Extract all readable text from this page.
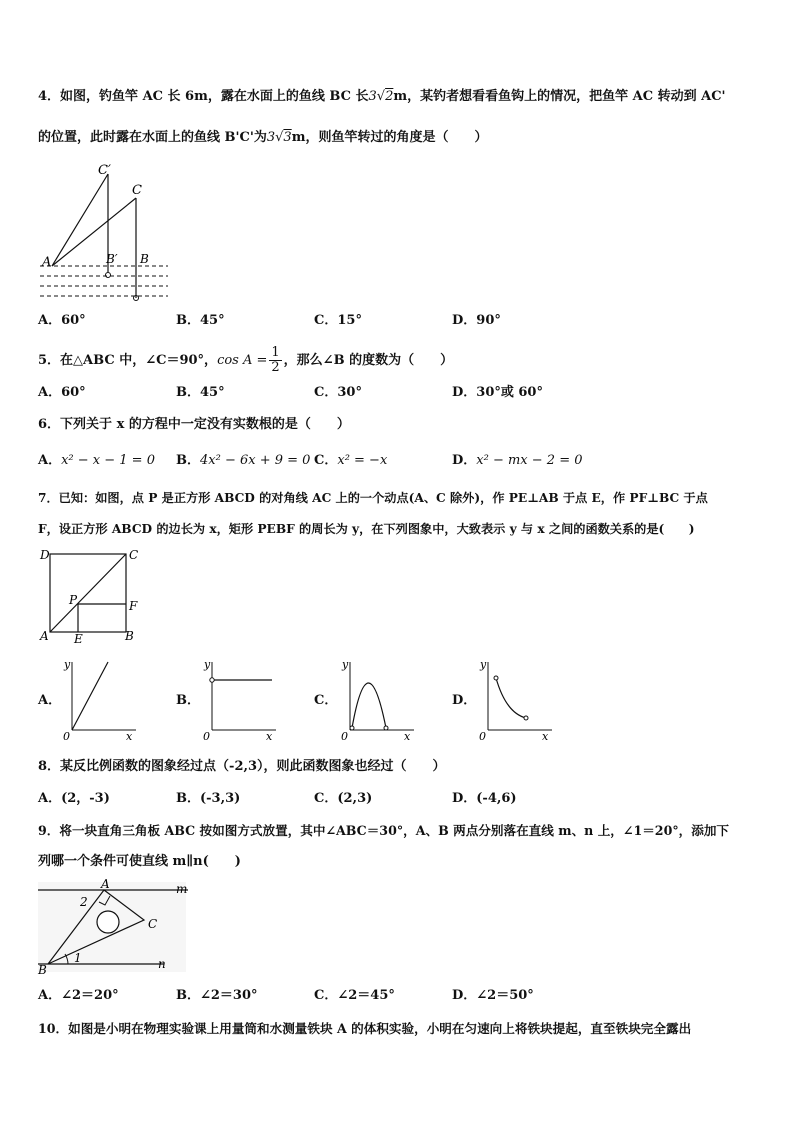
4．如图，钓鱼竿 AC 长 6m，露在水面上的鱼线 BC 长3√2m，某钓者想看看鱼钩上的情况，把鱼竿 AC 转动到 AC'
的位置，此时露在水面上的鱼线 B'C'为3√3m，则鱼竿转过的角度是（　　）
C′
C
A	B′ B
A．60°	B．45°	C．15°	D．90°
5．在△ABC 中，∠C＝90°，$\cos A = \frac{1}{2}$ ，那么∠B 的度数为（　　）
A．60°	B．45°	C．30°	D．30°或 60°
6．下列关于 x 的方程中一定没有实数根的是（　　）
A．x² − x − 1 = 0 B．4x² − 6x + 9 = 0 C．x² = −x	D．x² − mx − 2 = 0
7．已知：如图，点 P 是正方形 ABCD 的对角线 AC 上的一个动点(A、C 除外)，作 PE⊥AB 于点 E，作 PF⊥BC 于点
F，设正方形 ABCD 的边长为 x，矩形 PEBF 的周长为 y，在下列图象中，大致表示 y 与 x 之间的函数关系的是(　　)
D	C
P	F
A E	B
A．
y
x
0
B．
y
x
0
C．
y
x
0
D．
y
x
0
8．某反比例函数的图象经过点（-2,3），则此函数图象也经过（　　）
A．(2，-3)	B．(-3,3)	C．(2,3)	D．(-4,6)
9．将一块直角三角板 ABC 按如图方式放置，其中∠ABC＝30°，A、B 两点分别落在直线 m、n 上，∠1＝20°，添加下
列哪一个条件可使直线 m∥n(　　)
A	m
2
C
B
1	n
A．∠2＝20°	B．∠2＝30°	C．∠2＝45°	D．∠2＝50°
10．如图是小明在物理实验课上用量筒和水测量铁块 A 的体积实验，小明在匀速向上将铁块提起，直至铁块完全露出
